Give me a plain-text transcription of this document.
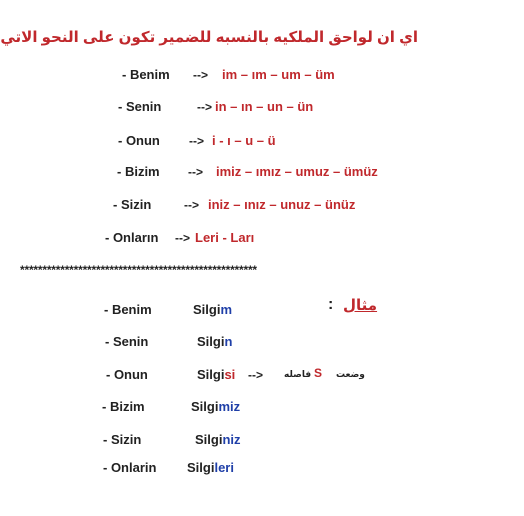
اي ان لواحق الملكيه بالنسبه للضمير تكون على النحو الاتي
- Benim --> im – ım – um – üm
- Senin	--> in – ın – un – ün
- Onun --> i - ı – u – ü
- Bizim --> imiz – ımız – umuz – ümüz
- Sizin	--> iniz – ınız – unuz – ünüz
- Onların --> Leri - Ları
*****************************************************
مثال
:
- Benim	Silgim
- Senin	Silgin
- Onun	Silgisi --> فاصله S وضعت
- Bizim	Silgimiz
- Sizin	Silginiz
- Onlarin Silgileri
